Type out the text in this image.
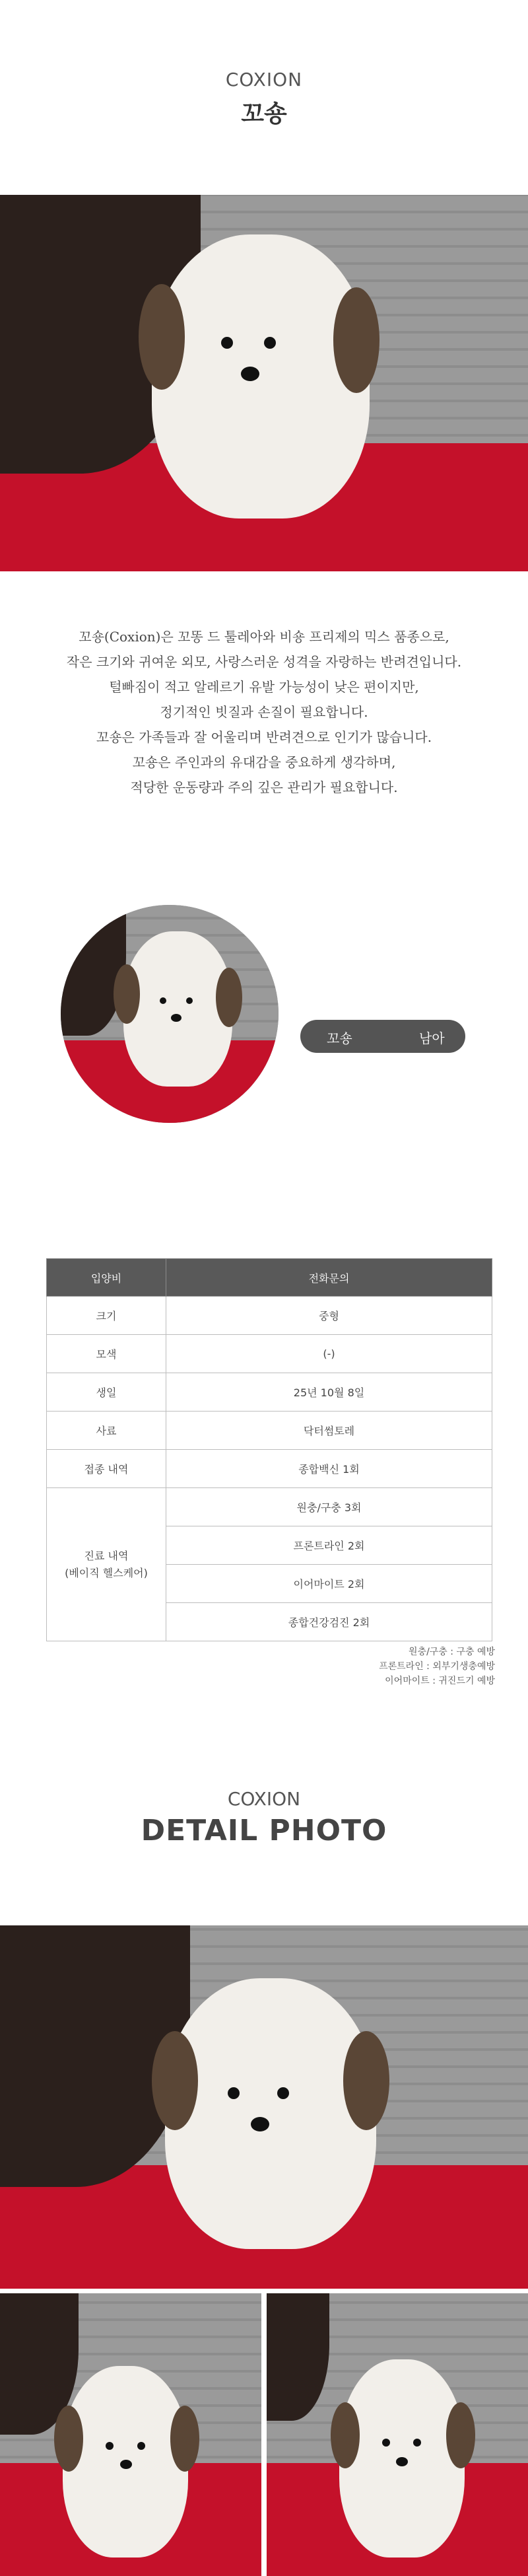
COXION
꼬숑
꼬숑(Coxion)은 꼬똥 드 툴레아와 비숑 프리제의 믹스 품종으로,
작은 크기와 귀여운 외모, 사랑스러운 성격을 자랑하는 반려견입니다.
털빠짐이 적고 알레르기 유발 가능성이 낮은 편이지만,
정기적인 빗질과 손질이 필요합니다.
꼬숑은 가족들과 잘 어울리며 반려견으로 인기가 많습니다.
꼬숑은 주인과의 유대감을 중요하게 생각하며,
적당한 운동량과 주의 깊은 관리가 필요합니다.
꼬숑	남아
입양비	전화문의
크기	중형
모색	(-)
생일	25년 10월 8일
사료	닥터썸토레
접종 내역	종합백신 1회

진료 내역
(베이직 헬스케어)	원충/구충 3회
	프론트라인 2회
	이어마이트 2회
	종합건강검진 2회
원충/구충 : 구충 예방
프론트라인 : 외부기생충예방
이어마이트 : 귀진드기 예방
COXION
DETAIL PHOTO
